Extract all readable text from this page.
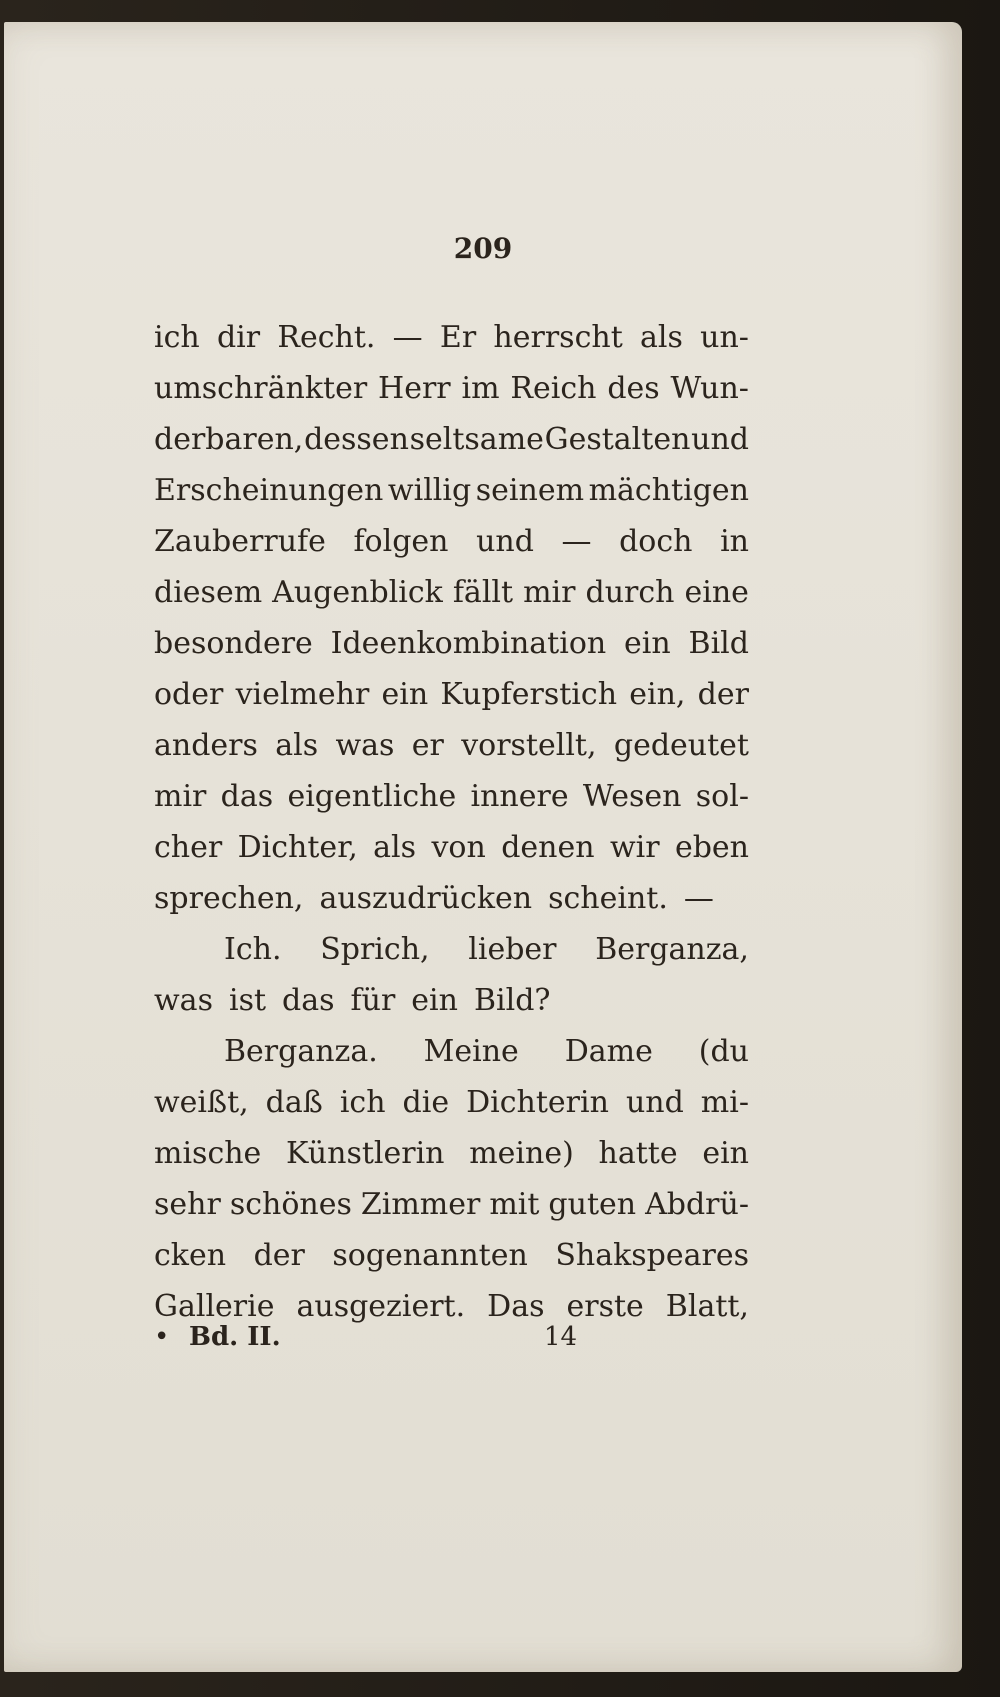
209
ich dir Recht. — Er herrscht als un-
umschränkter Herr im Reich des Wun-
derbaren, dessen seltsame Gestalten und
Erscheinungen willig seinem mächtigen
Zauberrufe folgen und — doch in
diesem Augenblick fällt mir durch eine
besondere Ideenkombination ein Bild
oder vielmehr ein Kupferstich ein, der
anders als was er vorstellt, gedeutet
mir das eigentliche innere Wesen sol-
cher Dichter, als von denen wir eben
sprechen, auszudrücken scheint. —
Ich. Sprich, lieber Berganza,
was ist das für ein Bild?
Berganza. Meine Dame (du
weißt, daß ich die Dichterin und mi-
mische Künstlerin meine) hatte ein
sehr schönes Zimmer mit guten Abdrü-
cken der sogenannten Shakspeares
Gallerie ausgeziert. Das erste Blatt,
• Bd. II.	14
